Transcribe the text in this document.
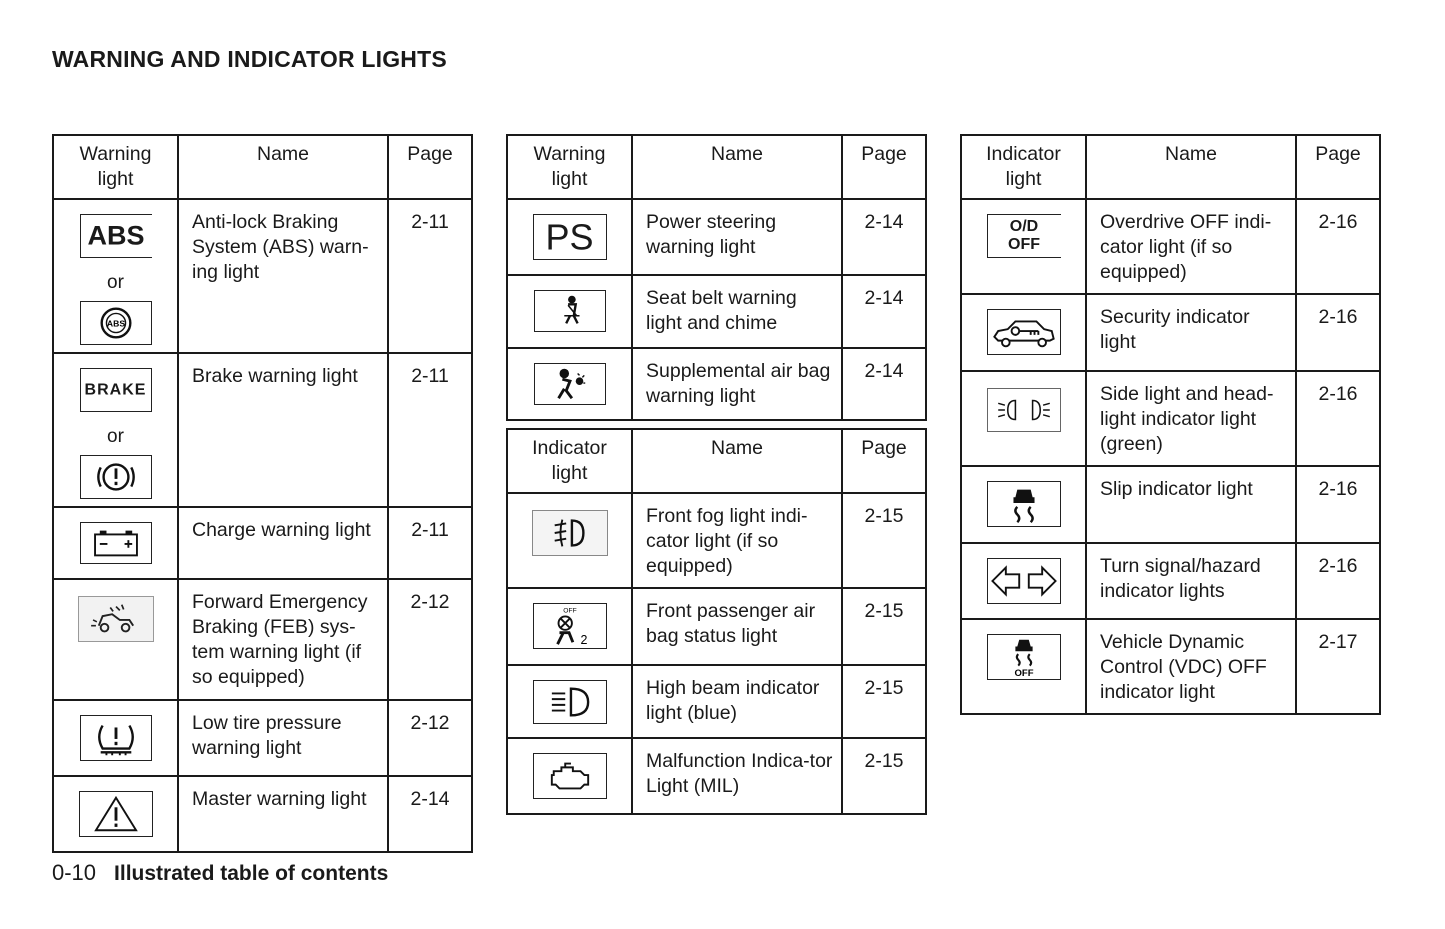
WARNING AND INDICATOR LIGHTS
Warning light	Name	Page

ABS
or
ABS	Anti-lock Braking System (ABS) warn-ing light	2-11

BRAKE
or	Brake warning light	2-11

	Charge warning light	2-11

	Forward Emergency Braking (FEB) sys-tem warning light (if so equipped)	2-12

	Low tire pressure warning light	2-12

	Master warning light	2-14
Warning light	Name	Page

PS	Power steering warning light	2-14

	Seat belt warning light and chime	2-14

	Supplemental air bag warning light	2-14
Indicator light	Name	Page

	Front fog light indi-cator light (if so equipped)	2-15

OFF
2	Front passenger air bag status light	2-15

	High beam indicator light (blue)	2-15

	Malfunction Indica-tor Light (MIL)	2-15
Indicator light	Name	Page

O/D OFF	Overdrive OFF indi-cator light (if so equipped)	2-16

	Security indicator light	2-16

	Side light and head-light indicator light (green)	2-16

	Slip indicator light	2-16

	Turn signal/hazard indicator lights	2-16

OFF	Vehicle Dynamic Control (VDC) OFF indicator light	2-17
0-10 Illustrated table of contents
